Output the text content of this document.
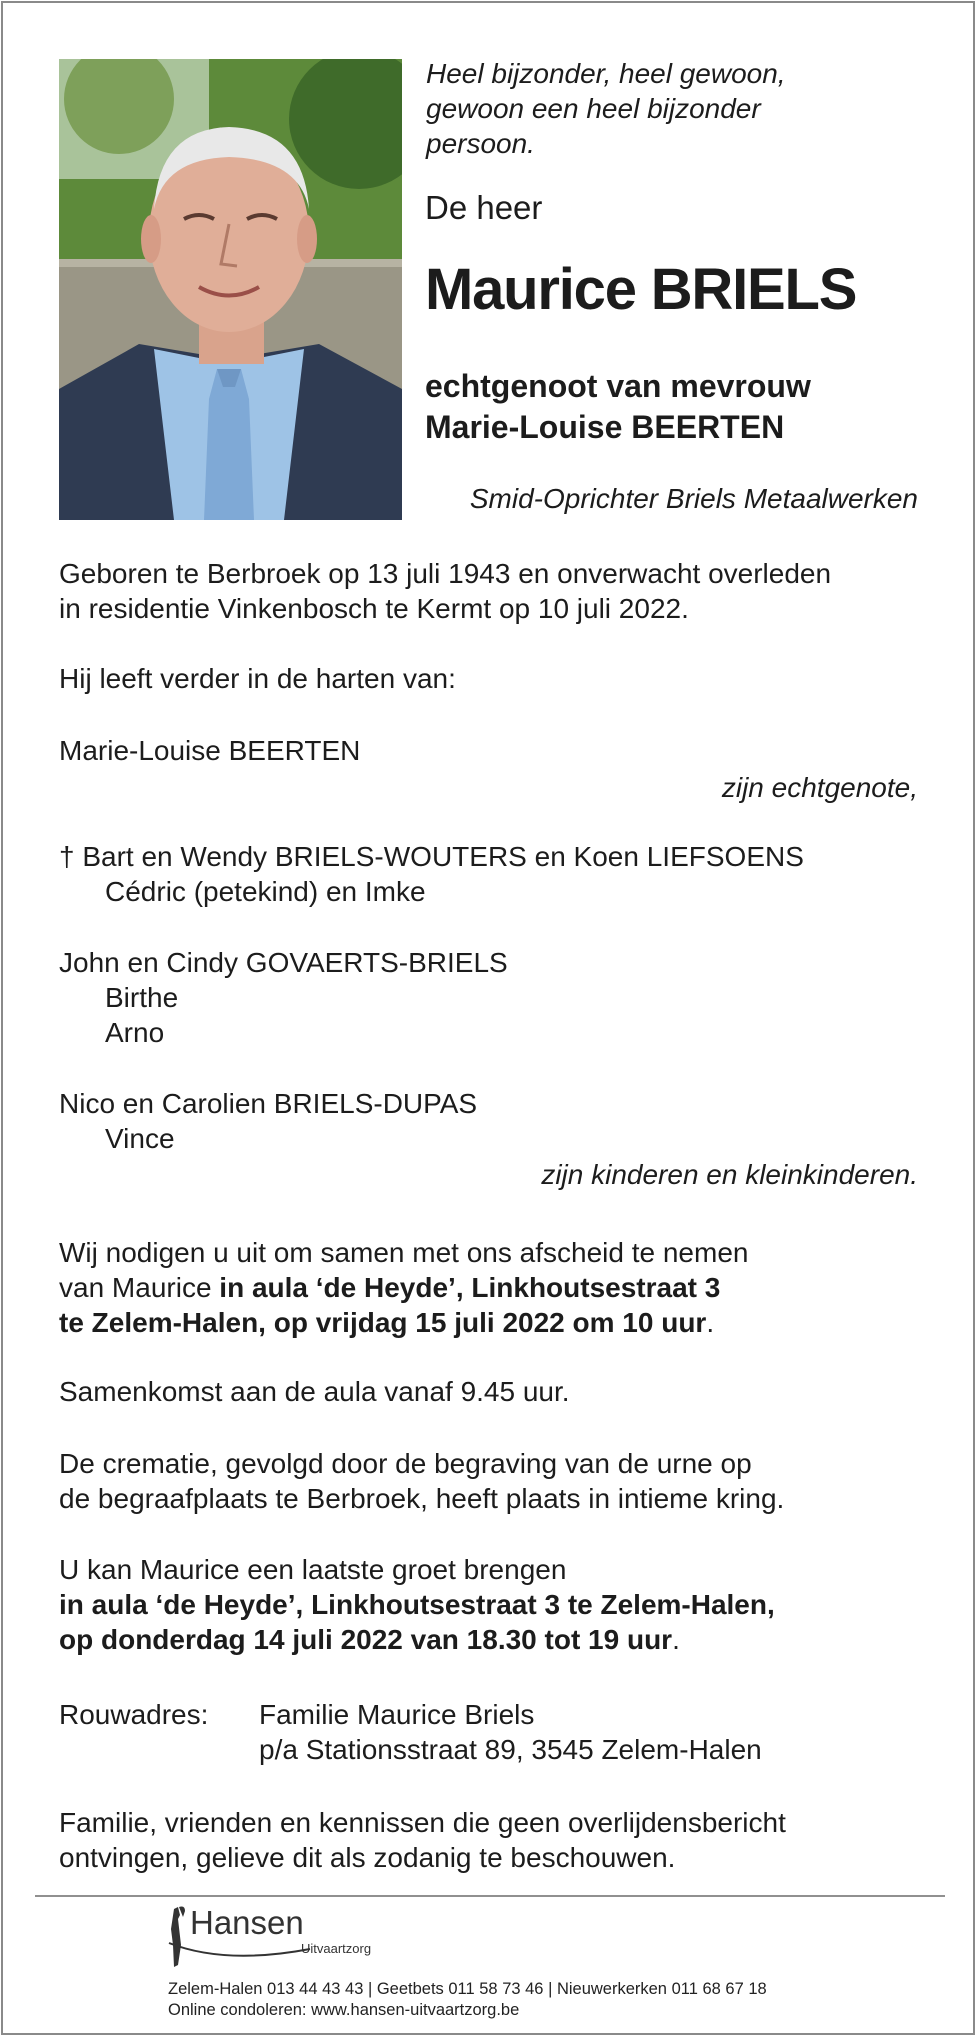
Heel bijzonder, heel gewoon,
gewoon een heel bijzonder
persoon.
De heer
Maurice BRIELS
echtgenoot van mevrouw
Marie-Louise BEERTEN
Smid-Oprichter Briels Metaalwerken
Geboren te Berbroek op 13 juli 1943 en onverwacht overleden
in residentie Vinkenbosch te Kermt op 10 juli 2022.
Hij leeft verder in de harten van:
Marie-Louise BEERTEN
zijn echtgenote,
† Bart en Wendy BRIELS-WOUTERS en Koen LIEFSOENS
Cédric (petekind) en Imke
John en Cindy GOVAERTS-BRIELS
Birthe
Arno
Nico en Carolien BRIELS-DUPAS
Vince
zijn kinderen en kleinkinderen.
Wij nodigen u uit om samen met ons afscheid te nemen
van Maurice in aula ‘de Heyde’, Linkhoutsestraat 3
te Zelem-Halen, op vrijdag 15 juli 2022 om 10 uur.
Samenkomst aan de aula vanaf 9.45 uur.
De crematie, gevolgd door de begraving van de urne op
de begraafplaats te Berbroek, heeft plaats in intieme kring.
U kan Maurice een laatste groet brengen
in aula ‘de Heyde’, Linkhoutsestraat 3 te Zelem-Halen,
op donderdag 14 juli 2022 van 18.30 tot 19 uur.
Rouwadres: Familie Maurice Briels
p/a Stationsstraat 89, 3545 Zelem-Halen
Familie, vrienden en kennissen die geen overlijdensbericht
ontvingen, gelieve dit als zodanig te beschouwen.
Hansen
Uitvaartzorg
Zelem-Halen 013 44 43 43 | Geetbets 011 58 73 46 | Nieuwerkerken 011 68 67 18
Online condoleren: www.hansen-uitvaartzorg.be
